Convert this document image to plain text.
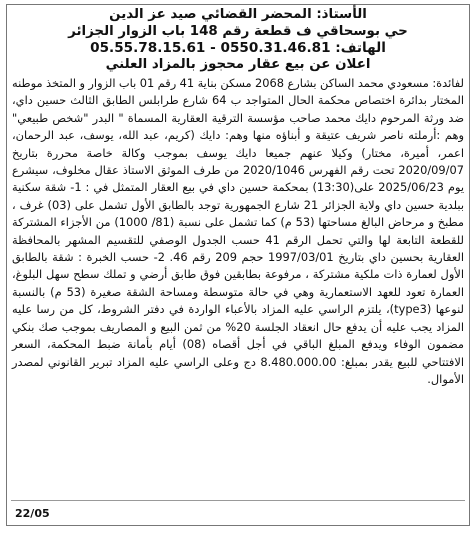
الأستاذ: المحضر القضائي صيد عز الدين
حي بوسحاقي ف قطعة رقم 148 باب الزوار الجزائر
الهاتف: 0550.31.46.81 - 05.55.78.15.61
اعلان عن بيع عقار محجوز بالمزاد العلني

لفائدة: مسعودي محمد الساكن بشارع 2068 مسكن بناية 41 رقم 01 باب الزوار و المتخذ موطنه المختار بدائرة اختصاص محكمة الحال المتواجد ب 64 شارع طرابلس الطابق الثالث حسين داي، ضد ورثة المرحوم دايك محمد صاحب مؤسسة الترقية العقارية المسماة " البدر "شخص طبيعي" وهم :أرملته ناصر شريف عتيقة و أبناؤه منها وهم: دايك (كريم، عبد الله، يوسف، عبد الرحمان، اعمر، أميرة، مختار) وكيلا عنهم جميعا دايك يوسف بموجب وكالة خاصة محررة بتاريخ 2020/09/07 تحت رقم الفهرس 2020/1046 من طرف الموثق الاستاذ عقال مخلوف، سيشرع يوم 2025/06/23 على(13:30) بمحكمة حسين داي في بيع العقار المتمثل في : 1- شقة سكنية ببلدية حسين داي ولاية الجزائر 21 شارع الجمهورية توجد بالطابق الأول تشمل على (03) غرف ، مطبخ و مرحاض البالغ مساحتها (53 م) كما تشمل على نسبة (81/ 1000) من الأجزاء المشتركة للقطعة التابعة لها والتي تحمل الرقم 41 حسب الجدول الوصفي للتقسيم المشهر بالمحافظة العقارية بحسين داي بتاريخ 1997/03/01 حجم 209 رقم 46. 2- حسب الخبرة : شقة بالطابق الأول لعمارة ذات ملكية مشتركة ، مرفوعة بطابقين فوق طابق أرضي و تملك سطح سهل البلوغ، العمارة تعود للعهد الاستعمارية وهي في حالة متوسطة ومساحة الشقة صغيرة (53 م) بالنسبة لنوعها (type3)، يلتزم الراسي عليه المزاد بالأعباء الواردة في دفتر الشروط، كل من رسا عليه المزاد يجب عليه أن يدفع حال انعقاد الجلسة 20% من ثمن البيع و المصاريف بموجب صك بنكي مضمون الوفاء ويدفع المبلغ الباقي في أجل أقصاه (08) أيام بأمانة ضبط المحكمة، السعر الافتتاحي للبيع يقدر بمبلغ: 8.480.000.00 دج وعلى الراسي عليه المزاد تبرير القانوني لمصدر الأموال.

22/05
